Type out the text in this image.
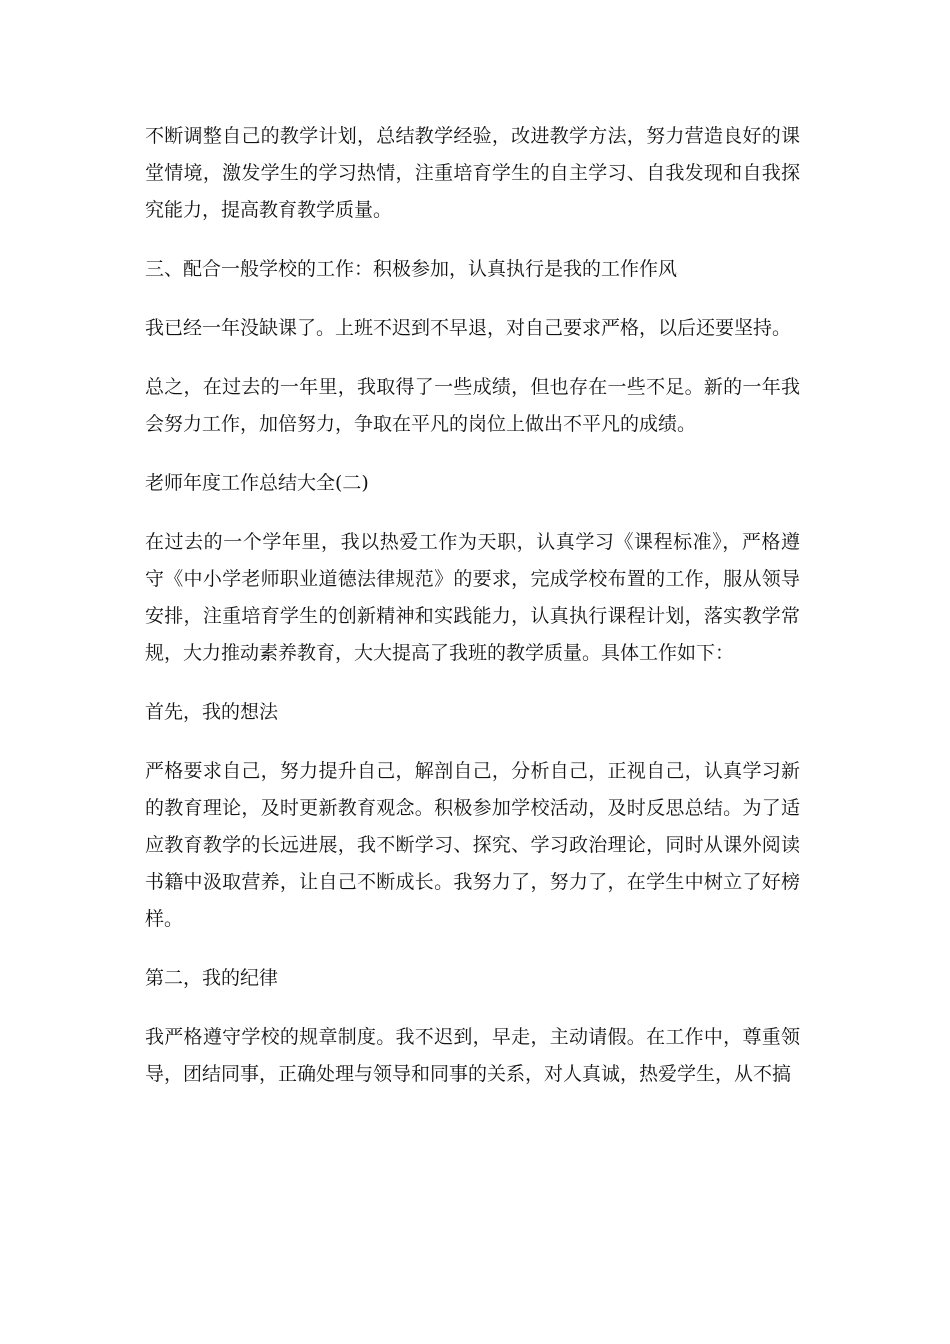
不断调整自己的教学计划，总结教学经验，改进教学方法，努力营造良好的课堂情境，激发学生的学习热情，注重培育学生的自主学习、自我发现和自我探究能力，提高教育教学质量。

三、配合一般学校的工作：积极参加，认真执行是我的工作作风

我已经一年没缺课了。上班不迟到不早退，对自己要求严格，以后还要坚持。

总之，在过去的一年里，我取得了一些成绩，但也存在一些不足。新的一年我会努力工作，加倍努力，争取在平凡的岗位上做出不平凡的成绩。

老师年度工作总结大全(二)

在过去的一个学年里，我以热爱工作为天职，认真学习《课程标准》，严格遵守《中小学老师职业道德法律规范》的要求，完成学校布置的工作，服从领导安排，注重培育学生的创新精神和实践能力，认真执行课程计划，落实教学常规，大力推动素养教育，大大提高了我班的教学质量。具体工作如下：

首先，我的想法

严格要求自己，努力提升自己，解剖自己，分析自己，正视自己，认真学习新的教育理论，及时更新教育观念。积极参加学校活动，及时反思总结。为了适应教育教学的长远进展，我不断学习、探究、学习政治理论，同时从课外阅读书籍中汲取营养，让自己不断成长。我努力了，努力了，在学生中树立了好榜样。

第二，我的纪律

我严格遵守学校的规章制度。我不迟到，早走，主动请假。在工作中，尊重领导，团结同事，正确处理与领导和同事的关系，对人真诚，热爱学生，从不搞
